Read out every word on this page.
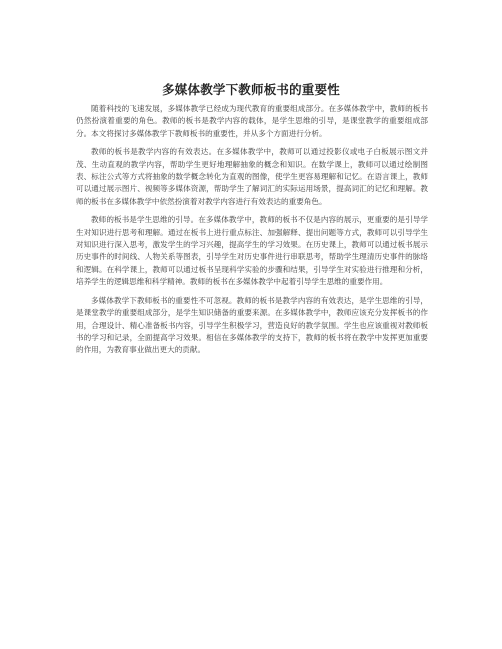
多媒体教学下教师板书的重要性

随着科技的飞速发展，多媒体教学已经成为现代教育的重要组成部分。在多媒体教学中，教师的板书仍然扮演着重要的角色。教师的板书是教学内容的载体，是学生思维的引导，是课堂教学的重要组成部分。本文将探讨多媒体教学下教师板书的重要性，并从多个方面进行分析。

教师的板书是教学内容的有效表达。在多媒体教学中，教师可以通过投影仪或电子白板展示图文并茂、生动直观的教学内容，帮助学生更好地理解抽象的概念和知识。在数学课上，教师可以通过绘制图表、标注公式等方式将抽象的数学概念转化为直观的图像，使学生更容易理解和记忆。在语言课上，教师可以通过展示图片、视频等多媒体资源，帮助学生了解词汇的实际运用场景，提高词汇的记忆和理解。教师的板书在多媒体教学中依然扮演着对教学内容进行有效表达的重要角色。

教师的板书是学生思维的引导。在多媒体教学中，教师的板书不仅是内容的展示，更重要的是引导学生对知识进行思考和理解。通过在板书上进行重点标注、加强解释、提出问题等方式，教师可以引导学生对知识进行深入思考，激发学生的学习兴趣，提高学生的学习效果。在历史课上，教师可以通过板书展示历史事件的时间线、人物关系等图表，引导学生对历史事件进行串联思考，帮助学生理清历史事件的脉络和逻辑。在科学课上，教师可以通过板书呈现科学实验的步骤和结果，引导学生对实验进行推理和分析，培养学生的逻辑思维和科学精神。教师的板书在多媒体教学中起着引导学生思维的重要作用。

多媒体教学下教师板书的重要性不可忽视。教师的板书是教学内容的有效表达，是学生思维的引导，是课堂教学的重要组成部分，是学生知识储备的重要来源。在多媒体教学中，教师应该充分发挥板书的作用，合理设计、精心准备板书内容，引导学生积极学习，营造良好的教学氛围。学生也应该重视对教师板书的学习和记录，全面提高学习效果。相信在多媒体教学的支持下，教师的板书将在教学中发挥更加重要的作用，为教育事业做出更大的贡献。
